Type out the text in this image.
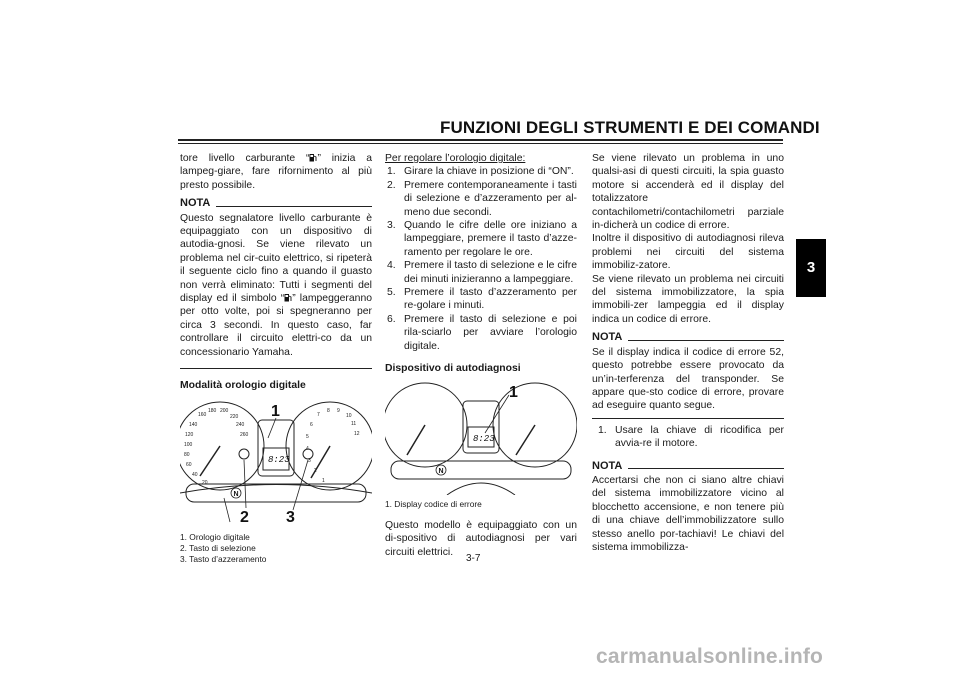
FUNZIONI DEGLI STRUMENTI E DEI COMANDI
3

tore livello carburante “ ” inizia a lampeg-giare, fare rifornimento al più presto possibile.

NOTA

Questo segnalatore livello carburante è equipaggiato con un dispositivo di autodia-gnosi. Se viene rilevato un problema nel cir-cuito elettrico, si ripeterà il seguente ciclo fino a quando il guasto non verrà eliminato: Tutti i segmenti del display ed il simbolo “ ” lampeggeranno per otto volte, poi si spegneranno per circa 3 secondi. In questo caso, far controllare il circuito elettri-co da un concessionario Yamaha.

Modalità orologio digitale
20
40
60
80
100
120
140
160
180 200
220
240
260
1
2
3
4
5
6
7
8 9
10
11
12
8:23
N
1
2 3
1. Orologio digitale
2. Tasto di selezione
3. Tasto d’azzeramento
Per regolare l’orologio digitale:
1. Girare la chiave in posizione di “ON”.
2. Premere contemporaneamente i tasti di selezione e d’azzeramento per al-meno due secondi.
3. Quando le cifre delle ore iniziano a lampeggiare, premere il tasto d’azze-ramento per regolare le ore.
4. Premere il tasto di selezione e le cifre dei minuti inizieranno a lampeggiare.
5. Premere il tasto d’azzeramento per re-golare i minuti.
6. Premere il tasto di selezione e poi rila-sciarlo per avviare l’orologio digitale.
Dispositivo di autodiagnosi
8:23
N
1
1. Display codice di errore

Questo modello è equipaggiato con un di-spositivo di autodiagnosi per vari circuiti elettrici.

Se viene rilevato un problema in uno qualsi-asi di questi circuiti, la spia guasto motore si accenderà ed il display del totalizzatore contachilometri/contachilometri parziale in-dicherà un codice di errore.
Inoltre il dispositivo di autodiagnosi rileva problemi nei circuiti del sistema immobiliz-zatore.
Se viene rilevato un problema nei circuiti del sistema immobilizzatore, la spia immobili-zer lampeggia ed il display indica un codice di errore.

NOTA

Se il display indica il codice di errore 52, questo potrebbe essere provocato da un’in-terferenza del transponder. Se appare que-sto codice di errore, provare ad eseguire quanto segue.

1. Usare la chiave di ricodifica per avvia-re il motore.
NOTA

Accertarsi che non ci siano altre chiavi del sistema immobilizzatore vicino al blocchetto accensione, e non tenere più di una chiave dell’immobilizzatore sullo stesso anello por-tachiavi! Le chiavi del sistema immobilizza-

3-7
carmanualsonline.info
